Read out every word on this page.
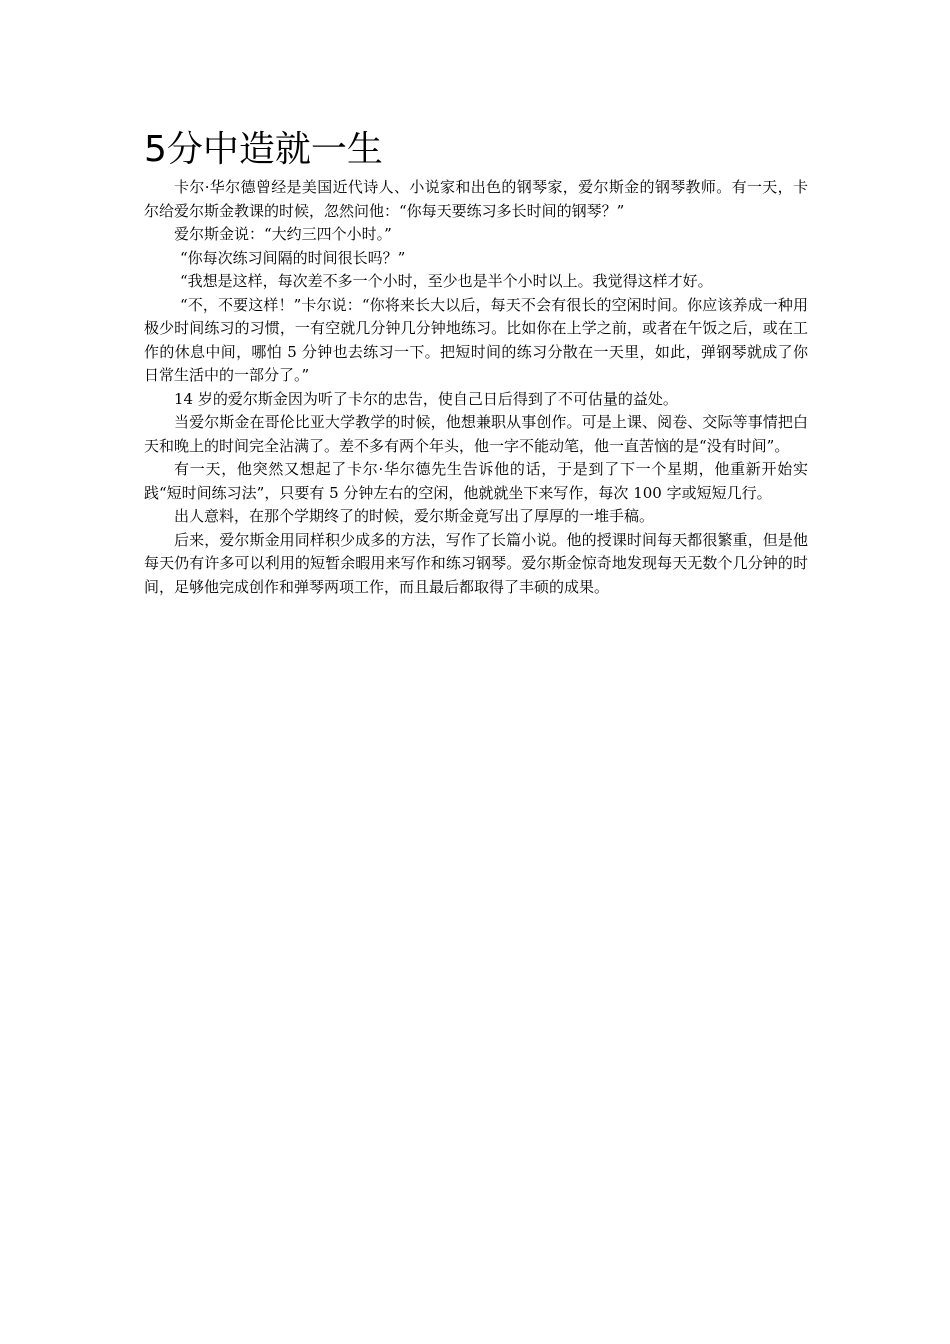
5分中造就一生

卡尔·华尔德曾经是美国近代诗人、小说家和出色的钢琴家，爱尔斯金的钢琴教师。有一天，卡尔给爱尔斯金教课的时候，忽然问他：“你每天要练习多长时间的钢琴？”

爱尔斯金说：“大约三四个小时。”

“你每次练习间隔的时间很长吗？”

“我想是这样，每次差不多一个小时，至少也是半个小时以上。我觉得这样才好。

“不，不要这样！”卡尔说：“你将来长大以后，每天不会有很长的空闲时间。你应该养成一种用极少时间练习的习惯，一有空就几分钟几分钟地练习。比如你在上学之前，或者在午饭之后，或在工作的休息中间，哪怕 5 分钟也去练习一下。把短时间的练习分散在一天里，如此，弹钢琴就成了你日常生活中的一部分了。”

14 岁的爱尔斯金因为听了卡尔的忠告，使自己日后得到了不可估量的益处。

当爱尔斯金在哥伦比亚大学教学的时候，他想兼职从事创作。可是上课、阅卷、交际等事情把白天和晚上的时间完全沾满了。差不多有两个年头，他一字不能动笔，他一直苦恼的是“没有时间”。

有一天，他突然又想起了卡尔·华尔德先生告诉他的话，于是到了下一个星期，他重新开始实践“短时间练习法”，只要有 5 分钟左右的空闲，他就就坐下来写作，每次 100 字或短短几行。

出人意料，在那个学期终了的时候，爱尔斯金竟写出了厚厚的一堆手稿。

后来，爱尔斯金用同样积少成多的方法，写作了长篇小说。他的授课时间每天都很繁重，但是他每天仍有许多可以利用的短暂余暇用来写作和练习钢琴。爱尔斯金惊奇地发现每天无数个几分钟的时间，足够他完成创作和弹琴两项工作，而且最后都取得了丰硕的成果。
